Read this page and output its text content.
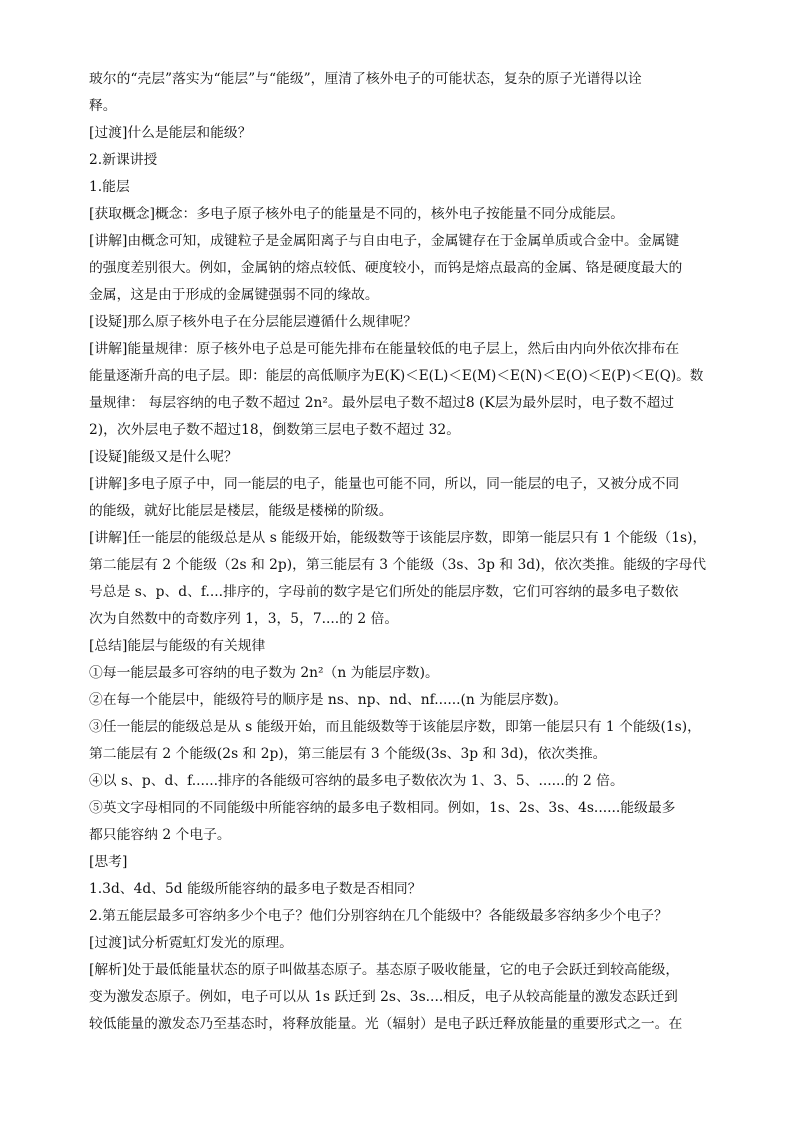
玻尔的“壳层”落实为“能层”与“能级”，厘清了核外电子的可能状态，复杂的原子光谱得以诠
释。
[过渡]什么是能层和能级？
2.新课讲授
1.能层
[获取概念]概念：多电子原子核外电子的能量是不同的，核外电子按能量不同分成能层。
[讲解]由概念可知，成键粒子是金属阳离子与自由电子，金属键存在于金属单质或合金中。金属键
的强度差别很大。例如，金属钠的熔点较低、硬度较小，而钨是熔点最高的金属、铬是硬度最大的
金属，这是由于形成的金属键强弱不同的缘故。
[设疑]那么原子核外电子在分层能层遵循什么规律呢？
[讲解]能量规律：原子核外电子总是可能先排布在能量较低的电子层上，然后由内向外依次排布在
能量逐渐升高的电子层。即：能层的高低顺序为E(K)＜E(L)＜E(M)＜E(N)＜E(O)＜E(P)＜E(Q)。数
量规律： 每层容纳的电子数不超过 2n²。最外层电子数不超过8 (K层为最外层时，电子数不超过
2)，次外层电子数不超过18，倒数第三层电子数不超过 32。
[设疑]能级又是什么呢？
[讲解]多电子原子中，同一能层的电子，能量也可能不同，所以，同一能层的电子，又被分成不同
的能级，就好比能层是楼层，能级是楼梯的阶级。
[讲解]任一能层的能级总是从 s 能级开始，能级数等于该能层序数，即第一能层只有 1 个能级（1s)，
第二能层有 2 个能级（2s 和 2p)，第三能层有 3 个能级（3s、3p 和 3d)，依次类推。能级的字母代
号总是 s、p、d、f....排序的，字母前的数字是它们所处的能层序数，它们可容纳的最多电子数依
次为自然数中的奇数序列 1，3，5，7....的 2 倍。
[总结]能层与能级的有关规律
①每一能层最多可容纳的电子数为 2n²（n 为能层序数)。
②在每一个能层中，能级符号的顺序是 ns、np、nd、nf......(n 为能层序数)。
③任一能层的能级总是从 s 能级开始，而且能级数等于该能层序数，即第一能层只有 1 个能级(1s)，
第二能层有 2 个能级(2s 和 2p)，第三能层有 3 个能级(3s、3p 和 3d)，依次类推。
④以 s、p、d、f......排序的各能级可容纳的最多电子数依次为 1、3、5、......的 2 倍。
⑤英文字母相同的不同能级中所能容纳的最多电子数相同。例如，1s、2s、3s、4s......能级最多
都只能容纳 2 个电子。
[思考]
1.3d、4d、5d 能级所能容纳的最多电子数是否相同？
2.第五能层最多可容纳多少个电子？他们分别容纳在几个能级中？各能级最多容纳多少个电子？
[过渡]试分析霓虹灯发光的原理。
[解析]处于最低能量状态的原子叫做基态原子。基态原子吸收能量，它的电子会跃迁到较高能级，
变为激发态原子。例如，电子可以从 1s 跃迁到 2s、3s....相反，电子从较高能量的激发态跃迁到
较低能量的激发态乃至基态时，将释放能量。光（辐射）是电子跃迁释放能量的重要形式之一。在
